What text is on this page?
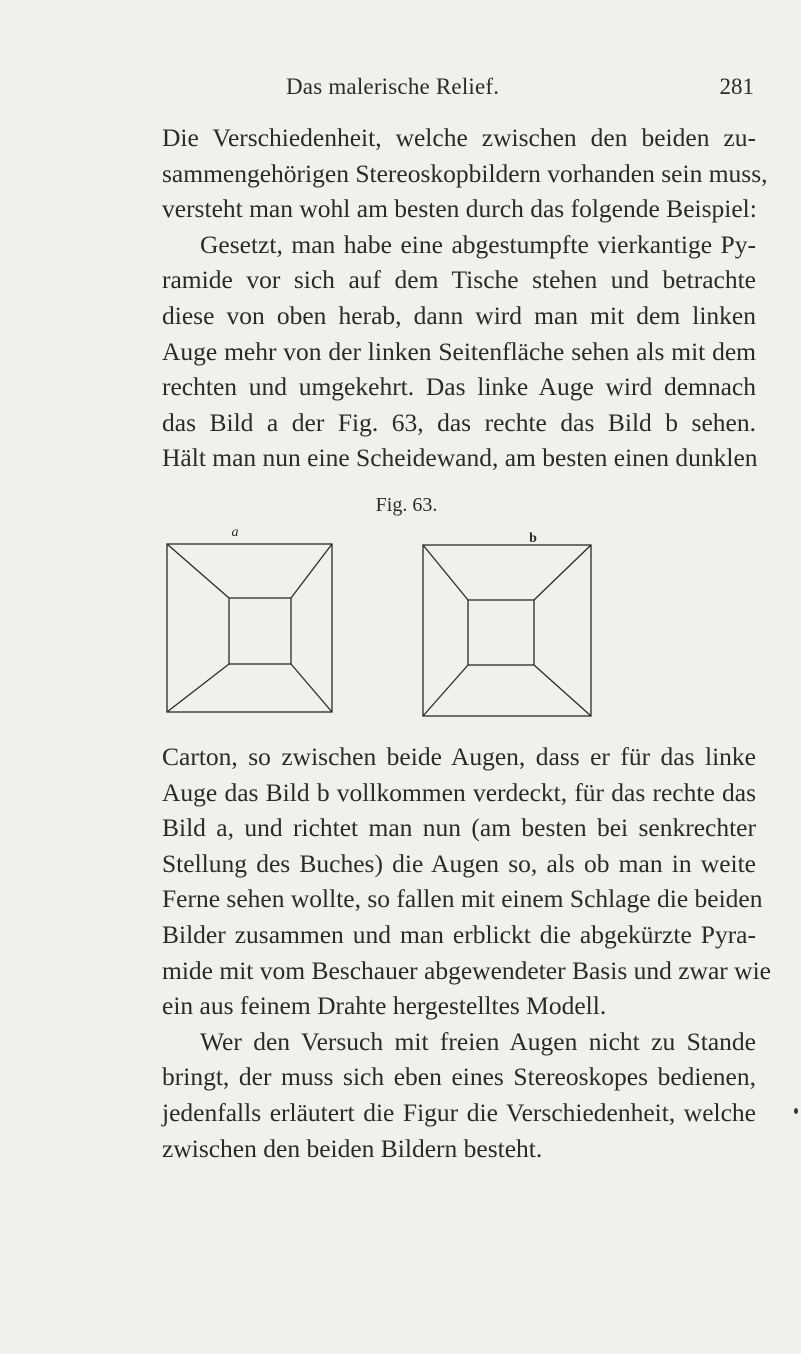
Das malerische Relief.	281
Die Verschiedenheit, welche zwischen den beiden zu-
sammengehörigen Stereoskopbildern vorhanden sein muss,
versteht man wohl am besten durch das folgende Beispiel:
Gesetzt, man habe eine abgestumpfte vierkantige Py-
ramide vor sich auf dem Tische stehen und betrachte
diese von oben herab, dann wird man mit dem linken
Auge mehr von der linken Seitenfläche sehen als mit dem
rechten und umgekehrt. Das linke Auge wird demnach
das Bild a der Fig. 63, das rechte das Bild b sehen.
Hält man nun eine Scheidewand, am besten einen dunklen
Fig. 63.
a	b
Carton, so zwischen beide Augen, dass er für das linke
Auge das Bild b vollkommen verdeckt, für das rechte das
Bild a, und richtet man nun (am besten bei senkrechter
Stellung des Buches) die Augen so, als ob man in weite
Ferne sehen wollte, so fallen mit einem Schlage die beiden
Bilder zusammen und man erblickt die abgekürzte Pyra-
mide mit vom Beschauer abgewendeter Basis und zwar wie
ein aus feinem Drahte hergestelltes Modell.
Wer den Versuch mit freien Augen nicht zu Stande
bringt, der muss sich eben eines Stereoskopes bedienen,
jedenfalls erläutert die Figur die Verschiedenheit, welche
zwischen den beiden Bildern besteht.
